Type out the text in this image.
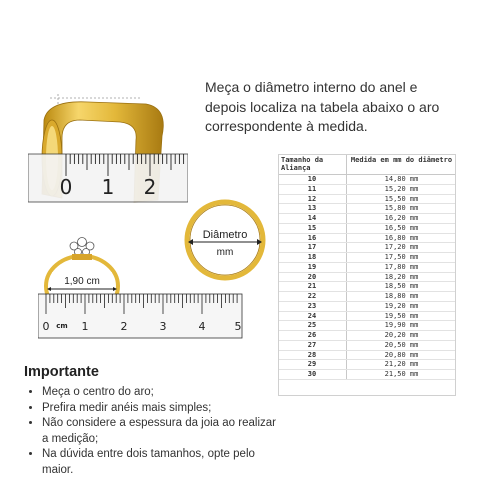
0 1 2
Diâmetro
mm
1,90 cm
0 cm 1	2	3	4	5
Meça o diâmetro interno do anel e depois localiza na tabela abaixo o aro correspondente à medida.
Tamanho da Aliança	Medida em mm do diâmetro
10	14,80 mm
11	15,20 mm
12	15,50 mm
13	15,80 mm
14	16,20 mm
15	16,50 mm
16	16,80 mm
17	17,20 mm
18	17,50 mm
19	17,80 mm
20	18,20 mm
21	18,50 mm
22	18,80 mm
23	19,20 mm
24	19,50 mm
25	19,90 mm
26	20,20 mm
27	20,50 mm
28	20,80 mm
29	21,20 mm
30	21,50 mm
Importante
• Meça o centro do aro;
• Prefira medir anéis mais simples;
• Não considere a espessura da joia ao realizar a medição;
• Na dúvida entre dois tamanhos, opte pelo maior.
